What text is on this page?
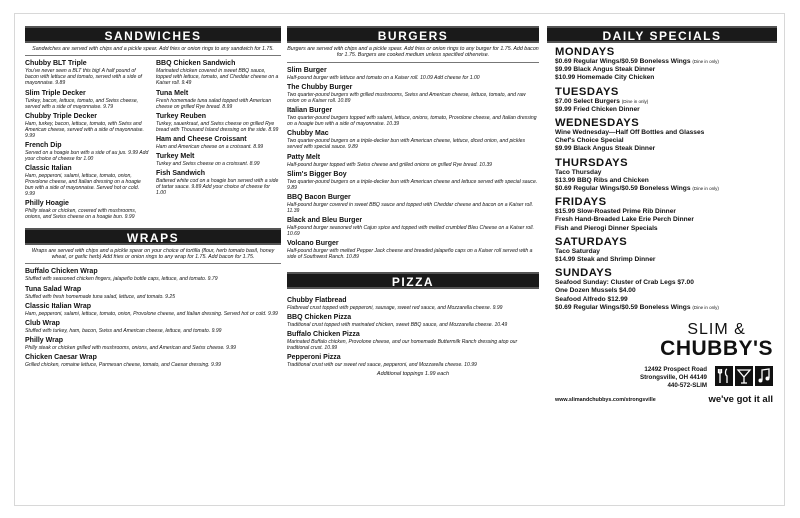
SANDWICHES
Sandwiches are served with chips and a pickle spear. Add fries or onion rings to any sandwich for 1.75.
Chubby BLT Triple
You've never seen a BLT this big! A half pound of bacon with lettuce and tomato, served with a side of mayonnaise. 9.89
Slim Triple Decker
Turkey, bacon, lettuce, tomato, and Swiss cheese, served with a side of mayonnaise. 9.79
Chubby Triple Decker
Ham, turkey, bacon, lettuce, tomato, with Swiss and American cheese, served with a side of mayonnaise. 9.99
French Dip
Served on a hoagie bun with a side of au jus. 9.99 Add your choice of cheese for 1.00
Classic Italian
Ham, pepperoni, salami, lettuce, tomato, onion, Provolone cheese, and Italian dressing on a hoagie bun with a side of mayonnaise. Served hot or cold. 9.99
Philly Hoagie
Philly steak or chicken, covered with mushrooms, onions, and Swiss cheese on a hoagie bun. 9.99
BBQ Chicken Sandwich
Marinated chicken covered in sweet BBQ sauce, topped with lettuce, tomato, and Cheddar cheese on a Kaiser roll. 9.49
Tuna Melt
Fresh homemade tuna salad topped with American cheese on grilled Rye bread. 8.99
Turkey Reuben
Turkey, sauerkraut, and Swiss cheese on grilled Rye bread with Thousand Island dressing on the side. 8.99
Ham and Cheese Croissant
Ham and American cheese on a croissant. 8.99
Turkey Melt
Turkey and Swiss cheese on a croissant. 8.99
Fish Sandwich
Battered white cod on a hoagie bun served with a side of tartar sauce. 9.89 Add your choice of cheese for 1.00
WRAPS
Wraps are served with chips and a pickle spear on your choice of tortilla (flour, herb tomato basil, honey wheat, or garlic herb) Add fries or onion rings to any wrap for 1.75. Add bacon for 1.75.
Buffalo Chicken Wrap
Stuffed with seasoned chicken fingers, jalapeño bottle caps, lettuce, and tomato. 9.79
Tuna Salad Wrap
Stuffed with fresh homemade tuna salad, lettuce, and tomato. 9.25
Classic Italian Wrap
Ham, pepperoni, salami, lettuce, tomato, onion, Provolone cheese, and Italian dressing. Served hot or cold. 9.99
Club Wrap
Stuffed with turkey, ham, bacon, Swiss and American cheese, lettuce, and tomato. 9.99
Philly Wrap
Philly steak or chicken grilled with mushrooms, onions, and American and Swiss cheese. 9.99
Chicken Caesar Wrap
Grilled chicken, romaine lettuce, Parmesan cheese, tomato, and Caesar dressing. 9.99
BURGERS
Burgers are served with chips and a pickle spear. Add fries or onion rings to any burger for 1.75. Add bacon for 1.75. Burgers are cooked medium unless specified otherwise.
Slim Burger
Half-pound burger with lettuce and tomato on a Kaiser roll. 10.09 Add cheese for 1.00
The Chubby Burger
Two quarter-pound burgers with grilled mushrooms, Swiss and American cheese, lettuce, tomato, and raw onion on a Kaiser roll. 10.89
Italian Burger
Two quarter-pound burgers topped with salami, lettuce, onions, tomato, Provolone cheese, and Italian dressing on a hoagie bun with a side of mayonnaise. 10.39
Chubby Mac
Two quarter-pound burgers on a triple-decker bun with American cheese, lettuce, diced onion, and pickles served with special sauce. 9.89
Patty Melt
Half-pound burger topped with Swiss cheese and grilled onions on grilled Rye bread. 10.39
Slim's Bigger Boy
Two quarter-pound burgers on a triple-decker bun with American cheese and lettuce served with special sauce. 9.89
BBQ Bacon Burger
Half-pound burger covered in sweet BBQ sauce and topped with Cheddar cheese and bacon on a Kaiser roll. 11.39
Black and Bleu Burger
Half-pound burger seasoned with Cajun spice and topped with melted crumbled Bleu Cheese on a Kaiser roll. 10.69
Volcano Burger
Half-pound burger with melted Pepper Jack cheese and breaded jalapeño caps on a Kaiser roll served with a side of Southwest Ranch. 10.89
PIZZA
Chubby Flatbread
Flatbread crust topped with pepperoni, sausage, sweet red sauce, and Mozzarella cheese. 9.99
BBQ Chicken Pizza
Traditional crust topped with marinated chicken, sweet BBQ sauce, and Mozzarella cheese. 10.49
Buffalo Chicken Pizza
Marinated Buffalo chicken, Provolone cheese, and our homemade Buttermilk Ranch dressing atop our traditional crust. 10.99
Pepperoni Pizza
Traditional crust with our sweet red sauce, pepperoni, and Mozzarella cheese. 10.99
Additional toppings 1.99 each
DAILY SPECIALS
MONDAYS
$0.69 Regular Wings/$0.59 Boneless Wings (Dine in only)
$9.99 Black Angus Steak Dinner
$10.99 Homemade City Chicken
TUESDAYS
$7.00 Select Burgers (Dine in only)
$9.99 Fried Chicken Dinner
WEDNESDAYS
Wine Wednesday—Half Off Bottles and Glasses
Chef's Choice Special
$9.99 Black Angus Steak Dinner
THURSDAYS
Taco Thursday
$13.99 BBQ Ribs and Chicken
$0.69 Regular Wings/$0.59 Boneless Wings (Dine in only)
FRIDAYS
$15.99 Slow-Roasted Prime Rib Dinner
Fresh Hand-Breaded Lake Erie Perch Dinner
Fish and Pierogi Dinner Specials
SATURDAYS
Taco Saturday
$14.99 Steak and Shrimp Dinner
SUNDAYS
Seafood Sunday: Cluster of Crab Legs $7.00
One Dozen Mussels $4.00
Seafood Alfredo $12.99
$0.69 Regular Wings/$0.59 Boneless Wings (Dine in only)
SLIM &
CHUBBY'S
12492 Prospect Road
Strongsville, OH 44149
440-572-SLIM
www.slimandchubbys.com/strongsville	we've got it all
